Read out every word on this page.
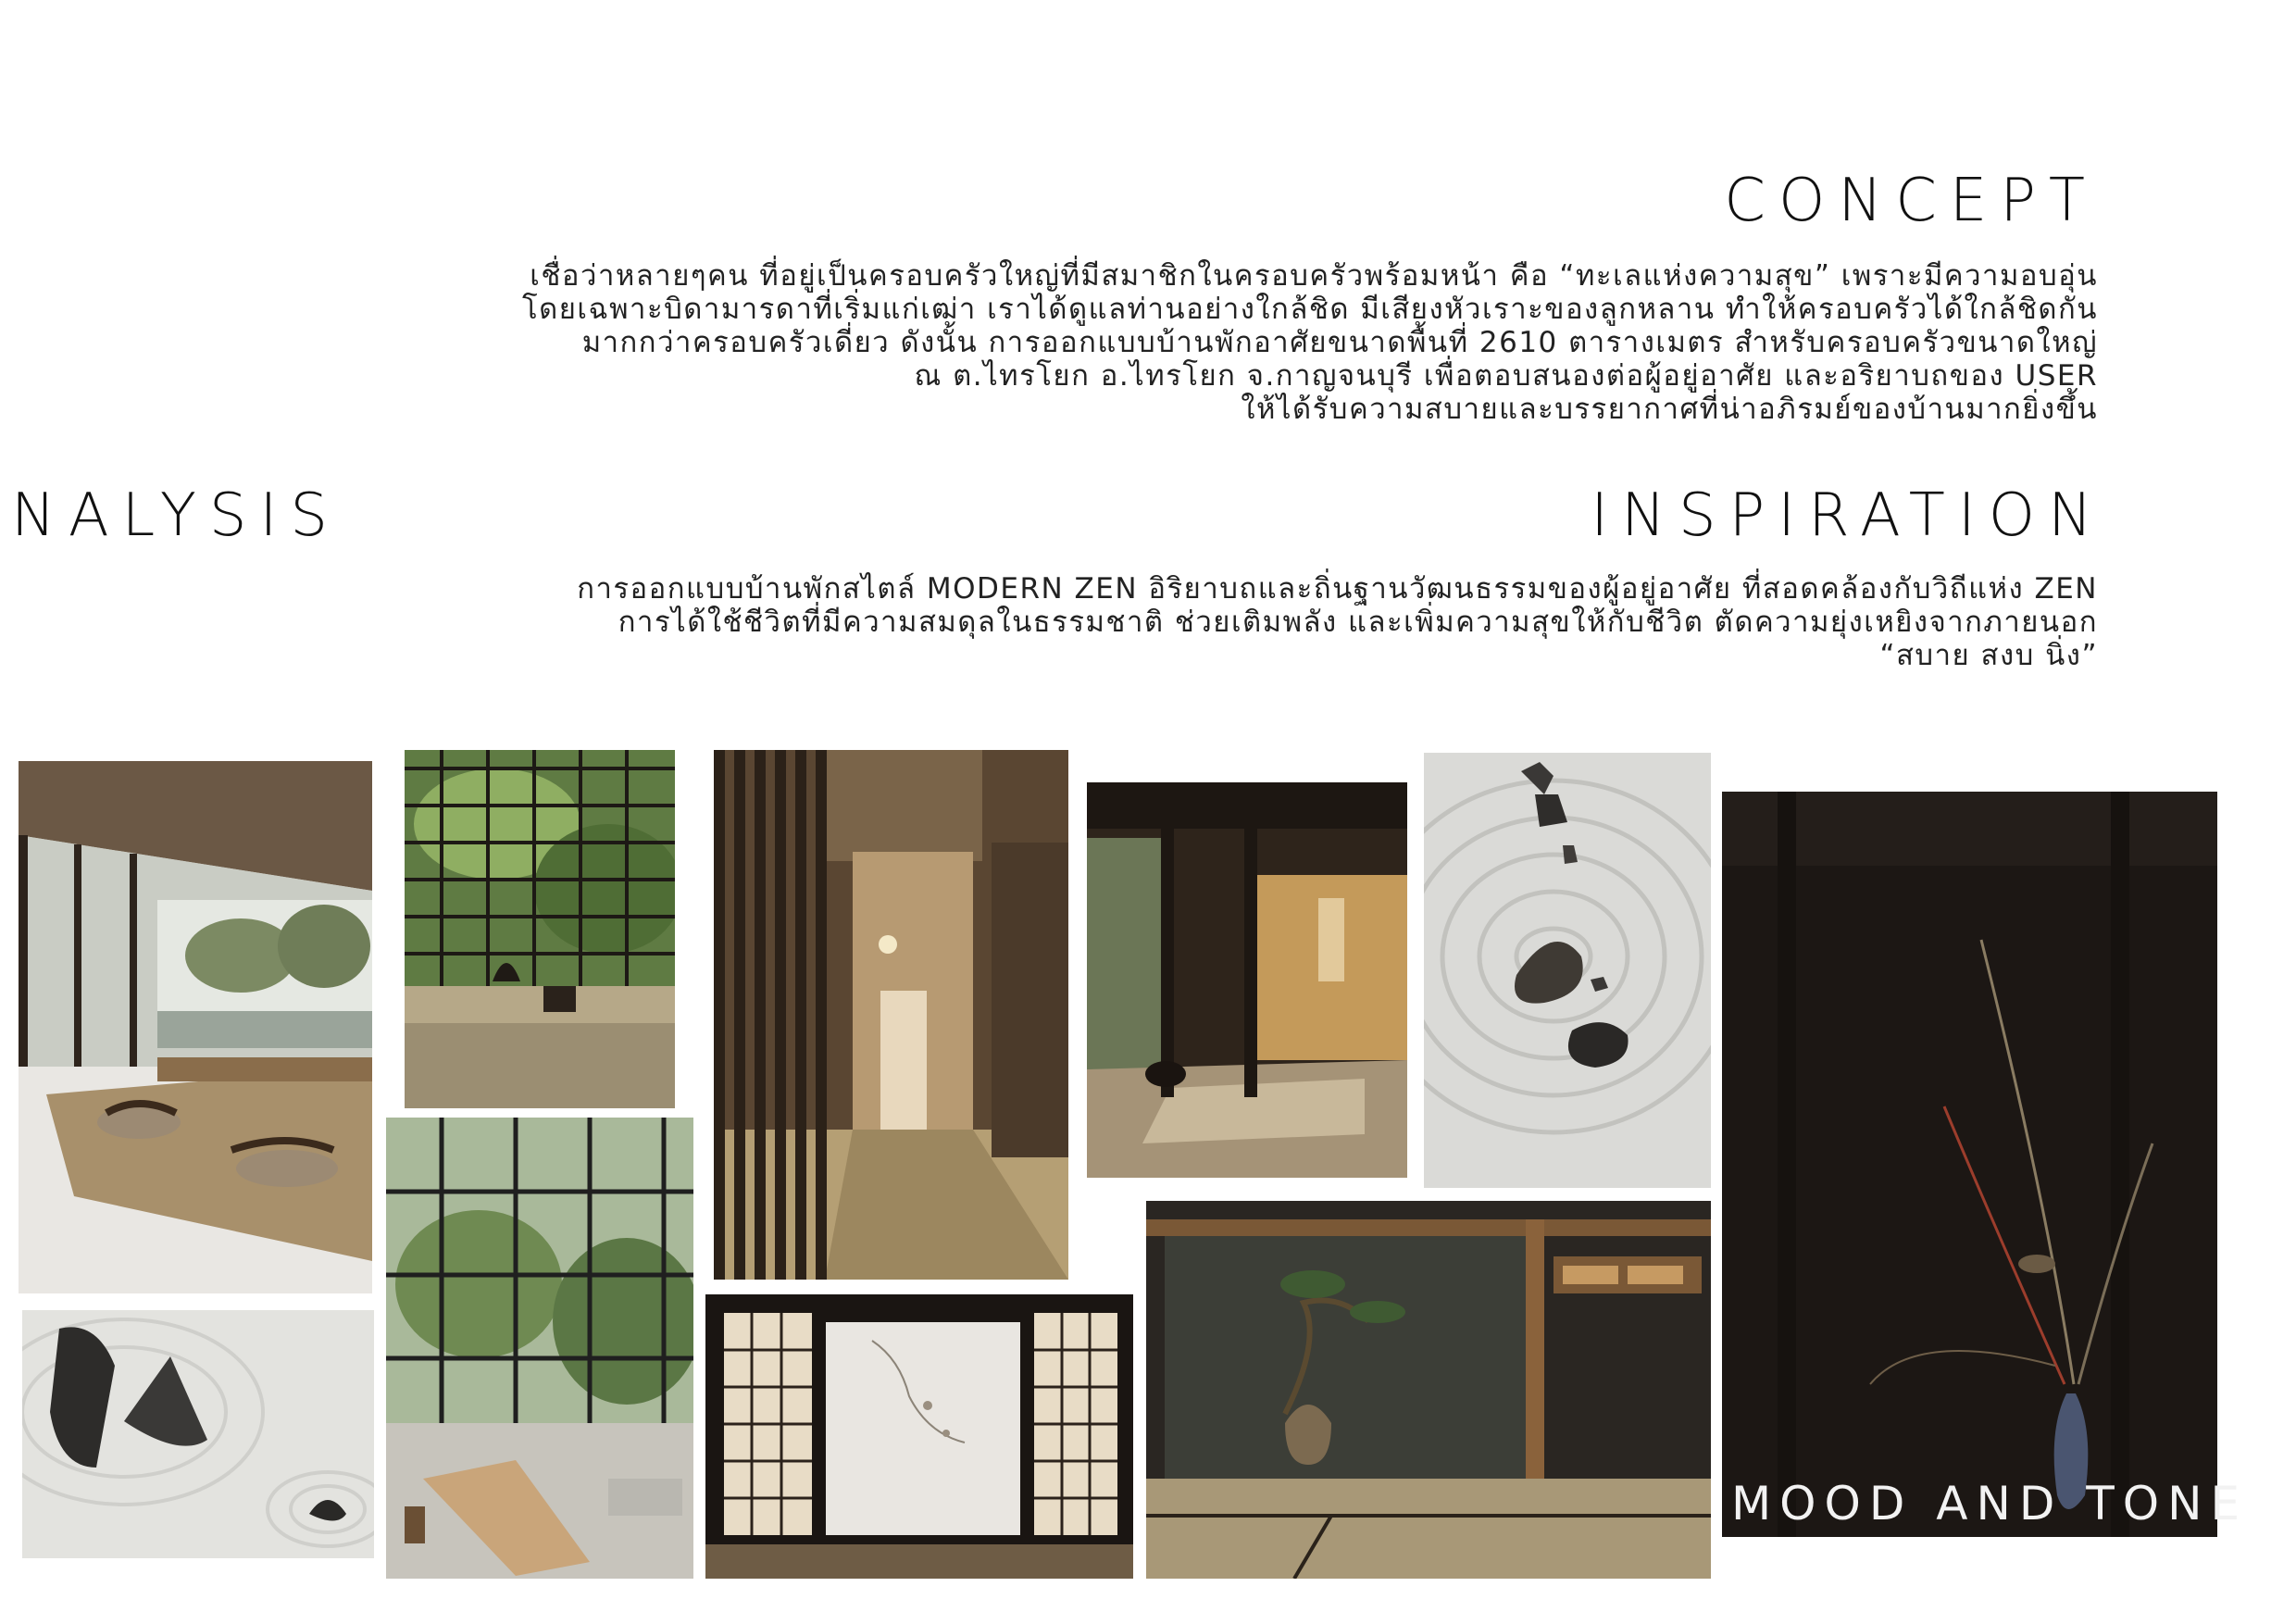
CONCEPT
เชื่อว่าหลายๆคน ที่อยู่เป็นครอบครัวใหญ่ที่มีสมาชิกในครอบครัวพร้อมหน้า คือ “ทะเลแห่งความสุข” เพราะมีความอบอุ่น
โดยเฉพาะบิดามารดาที่เริ่มแก่เฒ่า เราได้ดูแลท่านอย่างใกล้ชิด มีเสียงหัวเราะของลูกหลาน ทำให้ครอบครัวได้ใกล้ชิดกัน
มากกว่าครอบครัวเดี่ยว ดังนั้น การออกแบบบ้านพักอาศัยขนาดพื้นที่ 2610 ตารางเมตร สำหรับครอบครัวขนาดใหญ่
ณ ต.ไทรโยก อ.ไทรโยก จ.กาญจนบุรี เพื่อตอบสนองต่อผู้อยู่อาศัย และอริยาบถของ USER
ให้ได้รับความสบายและบรรยากาศที่น่าอภิรมย์ของบ้านมากยิ่งขึ้น
NALYSIS	INSPIRATION
การออกแบบบ้านพักสไตล์ MODERN ZEN อิริยาบถและถิ่นฐานวัฒนธรรมของผู้อยู่อาศัย ที่สอดคล้องกับวิถีแห่ง ZEN
การได้ใช้ชีวิตที่มีความสมดุลในธรรมชาติ ช่วยเติมพลัง และเพิ่มความสุขให้กับชีวิต ตัดความยุ่งเหยิงจากภายนอก
“สบาย สงบ นิ่ง”
MOOD AND TONE
